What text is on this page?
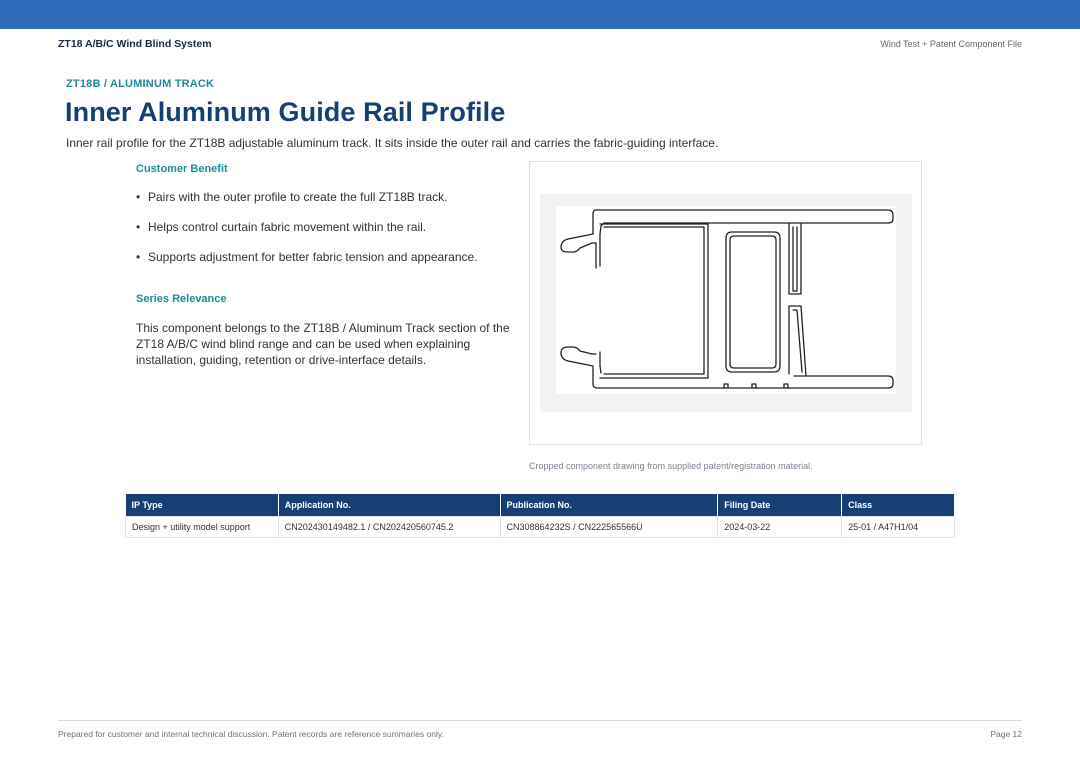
ZT18 A/B/C Wind Blind System	Wind Test + Patent Component File
ZT18B / ALUMINUM TRACK
Inner Aluminum Guide Rail Profile

Inner rail profile for the ZT18B adjustable aluminum track. It sits inside the outer rail and carries the fabric-guiding interface.

Customer Benefit
• Pairs with the outer profile to create the full ZT18B track.
• Helps control curtain fabric movement within the rail.
• Supports adjustment for better fabric tension and appearance.
Series Relevance

This component belongs to the ZT18B / Aluminum Track section of the ZT18 A/B/C wind blind range and can be used when explaining installation, guiding, retention or drive-interface details.

Cropped component drawing from supplied patent/registration material.
IP Type	Application No.	Publication No.	Filing Date	Class
Design + utility model support	CN202430149482.1 / CN202420560745.2	CN308864232S / CN222565566U	2024-03-22	25-01 / A47H1/04
Prepared for customer and internal technical discussion. Patent records are reference summaries only.	Page 12
